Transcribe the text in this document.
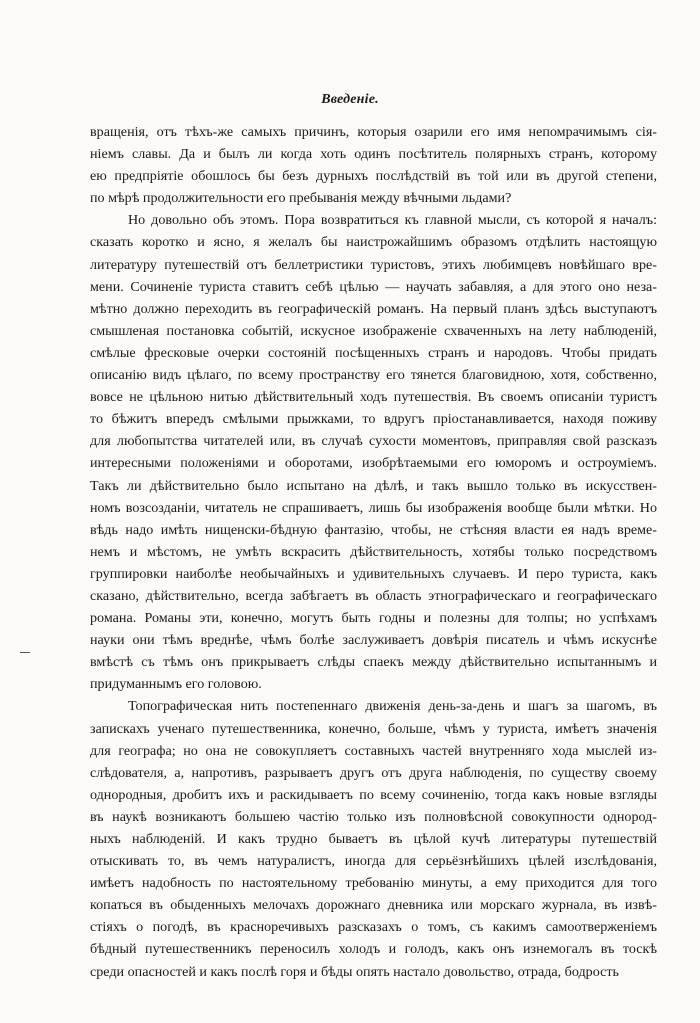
Введеніе.
вращенія, отъ тѣхъ-же самыхъ причинъ, которыя озарили его имя непомрачимымъ сія-
ніемъ славы. Да и былъ ли когда хоть одинъ посѣтитель полярныхъ странъ, которому
ею предпріятіе обошлось бы безъ дурныхъ послѣдствій въ той или въ другой степени,
по мѣрѣ продолжительности его пребыванія между вѣчными льдами?
Но довольно объ этомъ. Пора возвратиться къ главной мысли, съ которой я началъ:
сказать коротко и ясно, я желалъ бы наистрожайшимъ образомъ отдѣлить настоящую
литературу путешествій отъ беллетристики туристовъ, этихъ любимцевъ новѣйшаго вре-
мени. Сочиненіе туриста ставитъ себѣ цѣлью — научать забавляя, а для этого оно неза-
мѣтно должно переходить въ географическій романъ. На первый планъ здѣсь выступаютъ
смышленая постановка событій, искусное изображеніе схваченныхъ на лету наблюденій,
смѣлые фресковые очерки состояній посѣщенныхъ странъ и народовъ. Чтобы придать
описанію видъ цѣлаго, по всему пространству его тянется благовидною, хотя, собственно,
вовсе не цѣльною нитью дѣйствительный ходъ путешествія. Въ своемъ описаніи туристъ
то бѣжитъ впередъ смѣлыми прыжками, то вдругъ пріостанавливается, находя поживу
для любопытства читателей или, въ случаѣ сухости моментовъ, приправляя свой разсказъ
интересными положеніями и оборотами, изобрѣтаемыми его юморомъ и остроуміемъ.
Такъ ли дѣйствительно было испытано на дѣлѣ, и такъ вышло только въ искусствен-
номъ возсозданіи, читатель не спрашиваетъ, лишь бы изображенія вообще были мѣтки. Но
вѣдь надо имѣть нищенски-бѣдную фантазію, чтобы, не стѣсняя власти ея надъ време-
немъ и мѣстомъ, не умѣть вскрасить дѣйствительность, хотябы только посредствомъ
группировки наиболѣе необычайныхъ и удивительныхъ случаевъ. И перо туриста, какъ
сказано, дѣйствительно, всегда забѣгаетъ въ область этнографическаго и географическаго
романа. Романы эти, конечно, могутъ быть годны и полезны для толпы; но успѣхамъ
науки они тѣмъ вреднѣе, чѣмъ болѣе заслуживаетъ довѣрія писатель и чѣмъ искуснѣе
вмѣстѣ съ тѣмъ онъ прикрываетъ слѣды спаекъ между дѣйствительно испытаннымъ и
придуманнымъ его головою.
Топографическая нить постепеннаго движенія день-за-день и шагъ за шагомъ, въ
запискахъ ученаго путешественника, конечно, больше, чѣмъ у туриста, имѣетъ значенія
для географа; но она не совокупляетъ составныхъ частей внутренняго хода мыслей из-
слѣдователя, а, напротивъ, разрываетъ другъ отъ друга наблюденія, по существу своему
однородныя, дробитъ ихъ и раскидываетъ по всему сочиненію, тогда какъ новые взгляды
въ наукѣ возникаютъ большею частію только изъ полновѣсной совокупности однород-
ныхъ наблюденій. И какъ трудно бываетъ въ цѣлой кучѣ литературы путешествій
отыскивать то, въ чемъ натуралистъ, иногда для серьёзнѣйшихъ цѣлей изслѣдованія,
имѣетъ надобность по настоятельному требованію минуты, а ему приходится для того
копаться въ обыденныхъ мелочахъ дорожнаго дневника или морскаго журнала, въ извѣ-
стіяхъ о погодѣ, въ красноречивыхъ разсказахъ о томъ, съ какимъ самоотверженіемъ
бѣдный путешественникъ переносилъ холодъ и голодъ, какъ онъ изнемогалъ въ тоскѣ
среди опасностей и какъ послѣ горя и бѣды опять настало довольство, отрада, бодрость
